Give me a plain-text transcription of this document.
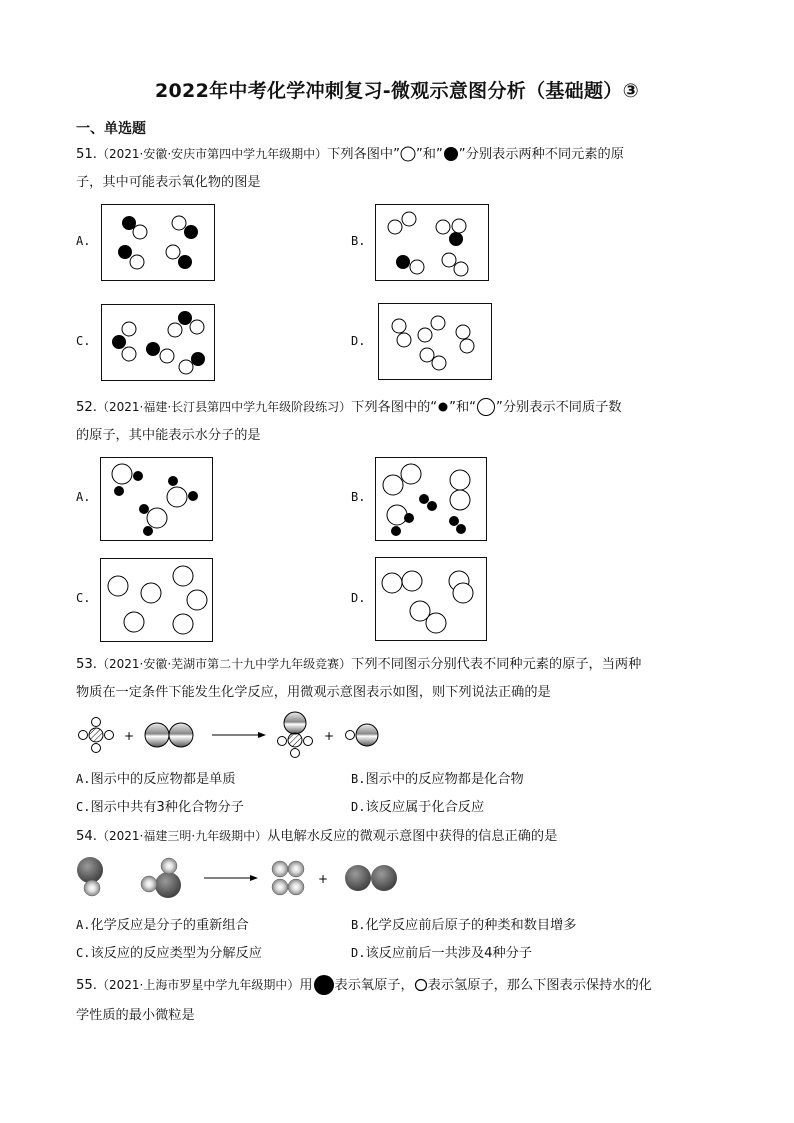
2022年中考化学冲刺复习-微观示意图分析（基础题）③
一、单选题
51.（2021·安徽·安庆市第四中学九年级期中）下列各图中” ”和” ”分别表示两种不同元素的原
子，其中可能表示氧化物的图是
A.	B.
C.	D.
52.（2021·福建·长汀县第四中学九年级阶段练习）下列各图中的“ ”和“ ”分别表示不同质子数
的原子，其中能表示水分子的是
A.	B.
C.	D.
53.（2021·安徽·芜湖市第二十九中学九年级竞赛）下列不同图示分别代表不同种元素的原子，当两种
物质在一定条件下能发生化学反应，用微观示意图表示如图，则下列说法正确的是
+	+
A.图示中的反应物都是单质	B.图示中的反应物都是化合物
C.图示中共有3种化合物分子	D.该反应属于化合反应
54.（2021·福建三明·九年级期中）从电解水反应的微观示意图中获得的信息正确的是
+
A.化学反应是分子的重新组合	B.化学反应前后原子的种类和数目增多
C.该反应的反应类型为分解反应	D.该反应前后一共涉及4种分子
55.（2021·上海市罗星中学九年级期中）用 表示氧原子， 表示氢原子，那么下图表示保持水的化
学性质的最小微粒是
